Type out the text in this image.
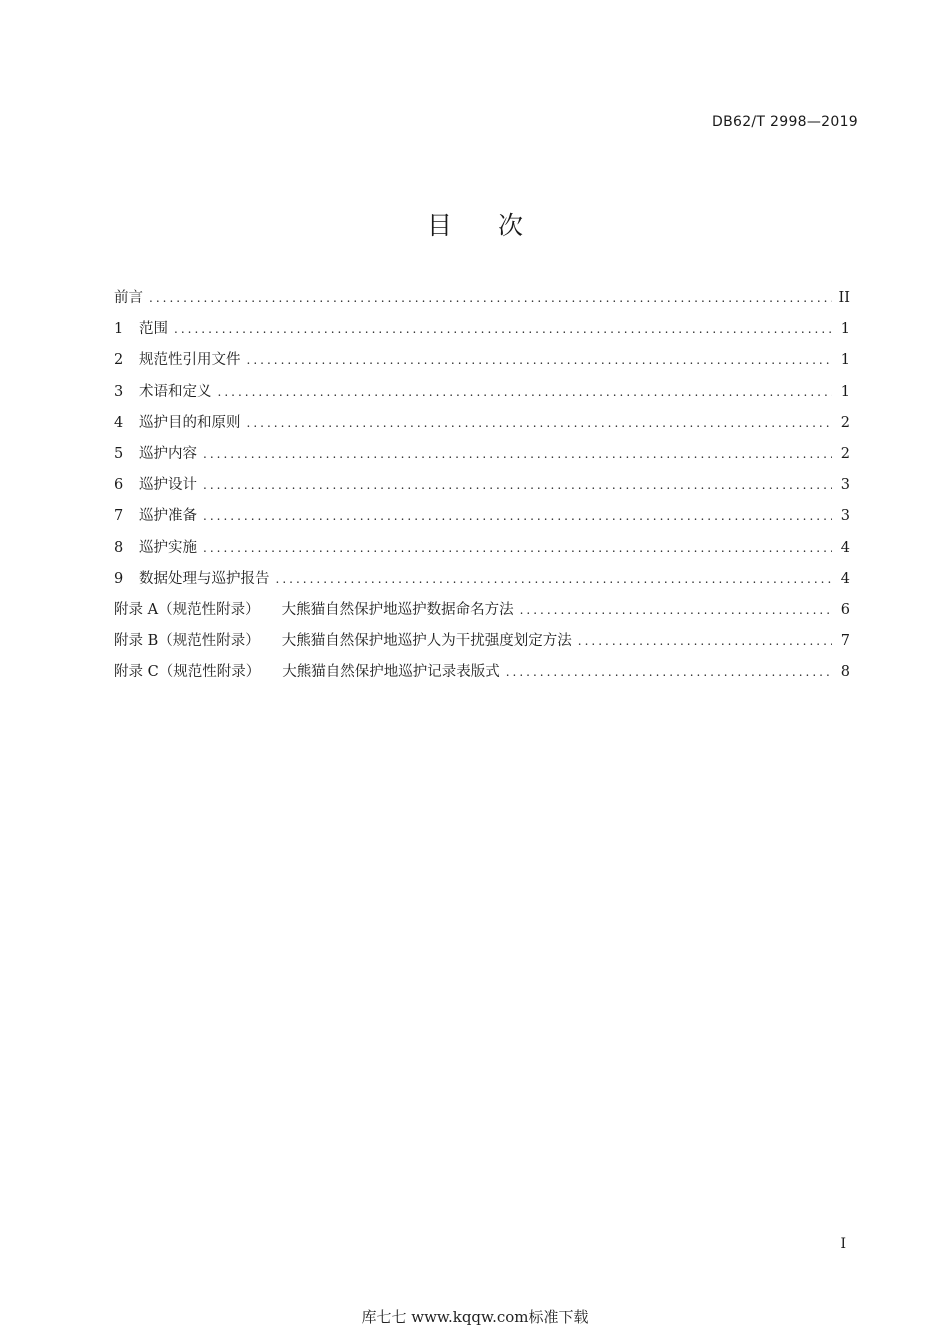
DB62/T 2998—2019
目 次
前言 .....	II
1	范围 .....	1
2	规范性引用文件 .....	1
3	术语和定义 .....	1
4	巡护目的和原则 .....	2
5	巡护内容 .....	2
6	巡护设计 .....	3
7	巡护准备 .....	3
8	巡护实施 .....	4
9	数据处理与巡护报告 .....	4
附录 A（规范性附录） 大熊猫自然保护地巡护数据命名方法 .....	6
附录 B（规范性附录） 大熊猫自然保护地巡护人为干扰强度划定方法 .....	7
附录 C（规范性附录） 大熊猫自然保护地巡护记录表版式 .....	8
I
库七七 www.kqqw.com标准下载
